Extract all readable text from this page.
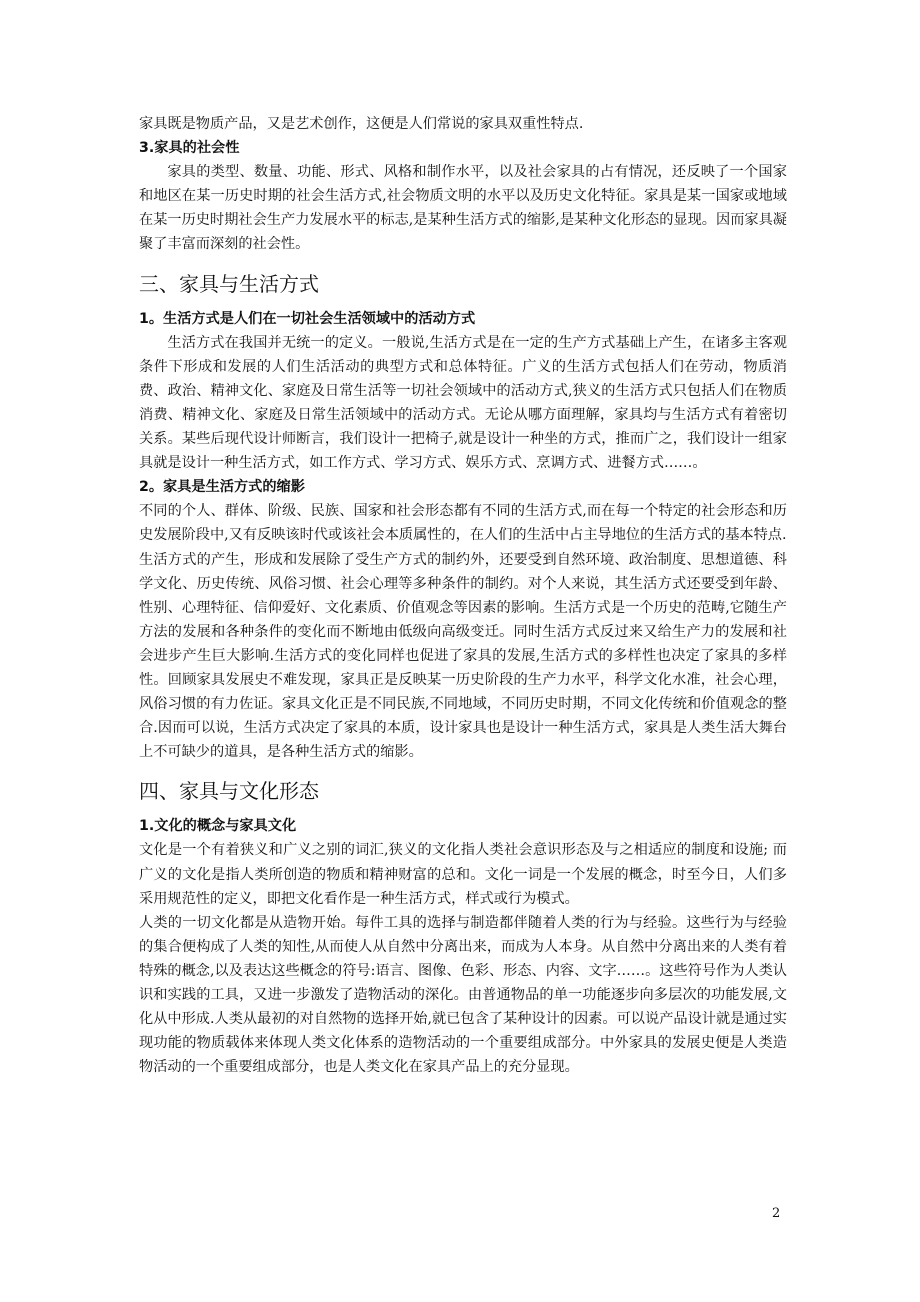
家具既是物质产品，又是艺术创作，这便是人们常说的家具双重性特点.

3.家具的社会性

家具的类型、数量、功能、形式、风格和制作水平，以及社会家具的占有情况，还反映了一个国家和地区在某一历史时期的社会生活方式,社会物质文明的水平以及历史文化特征。家具是某一国家或地域在某一历史时期社会生产力发展水平的标志,是某种生活方式的缩影,是某种文化形态的显现。因而家具凝聚了丰富而深刻的社会性。

三、家具与生活方式
1。生活方式是人们在一切社会生活领域中的活动方式

生活方式在我国并无统一的定义。一般说,生活方式是在一定的生产方式基础上产生，在诸多主客观条件下形成和发展的人们生活活动的典型方式和总体特征。广义的生活方式包括人们在劳动，物质消费、政治、精神文化、家庭及日常生活等一切社会领域中的活动方式,狭义的生活方式只包括人们在物质消费、精神文化、家庭及日常生活领域中的活动方式。无论从哪方面理解，家具均与生活方式有着密切关系。某些后现代设计师断言，我们设计一把椅子,就是设计一种坐的方式，推而广之，我们设计一组家具就是设计一种生活方式，如工作方式、学习方式、娱乐方式、烹调方式、进餐方式……。

2。家具是生活方式的缩影

不同的个人、群体、阶级、民族、国家和社会形态都有不同的生活方式,而在每一个特定的社会形态和历史发展阶段中,又有反映该时代或该社会本质属性的，在人们的生活中占主导地位的生活方式的基本特点.

生活方式的产生，形成和发展除了受生产方式的制约外，还要受到自然环境、政治制度、思想道德、科学文化、历史传统、风俗习惯、社会心理等多种条件的制约。对个人来说，其生活方式还要受到年龄、性别、心理特征、信仰爱好、文化素质、价值观念等因素的影响。生活方式是一个历史的范畴,它随生产方法的发展和各种条件的变化而不断地由低级向高级变迁。同时生活方式反过来又给生产力的发展和社会进步产生巨大影响.生活方式的变化同样也促进了家具的发展,生活方式的多样性也决定了家具的多样性。回顾家具发展史不难发现，家具正是反映某一历史阶段的生产力水平，科学文化水准，社会心理，风俗习惯的有力佐证。家具文化正是不同民族,不同地域，不同历史时期，不同文化传统和价值观念的整合.因而可以说，生活方式决定了家具的本质，设计家具也是设计一种生活方式，家具是人类生活大舞台上不可缺少的道具，是各种生活方式的缩影。

四、家具与文化形态
1.文化的概念与家具文化

文化是一个有着狭义和广义之别的词汇,狭义的文化指人类社会意识形态及与之相适应的制度和设施; 而广义的文化是指人类所创造的物质和精神财富的总和。文化一词是一个发展的概念，时至今日，人们多采用规范性的定义，即把文化看作是一种生活方式，样式或行为模式。

人类的一切文化都是从造物开始。每件工具的选择与制造都伴随着人类的行为与经验。这些行为与经验的集合便构成了人类的知性,从而使人从自然中分离出来，而成为人本身。从自然中分离出来的人类有着特殊的概念,以及表达这些概念的符号:语言、图像、色彩、形态、内容、文字……。这些符号作为人类认识和实践的工具，又进一步激发了造物活动的深化。由普通物品的单一功能逐步向多层次的功能发展,文化从中形成.人类从最初的对自然物的选择开始,就已包含了某种设计的因素。可以说产品设计就是通过实现功能的物质载体来体现人类文化体系的造物活动的一个重要组成部分。中外家具的发展史便是人类造物活动的一个重要组成部分，也是人类文化在家具产品上的充分显现。

2
